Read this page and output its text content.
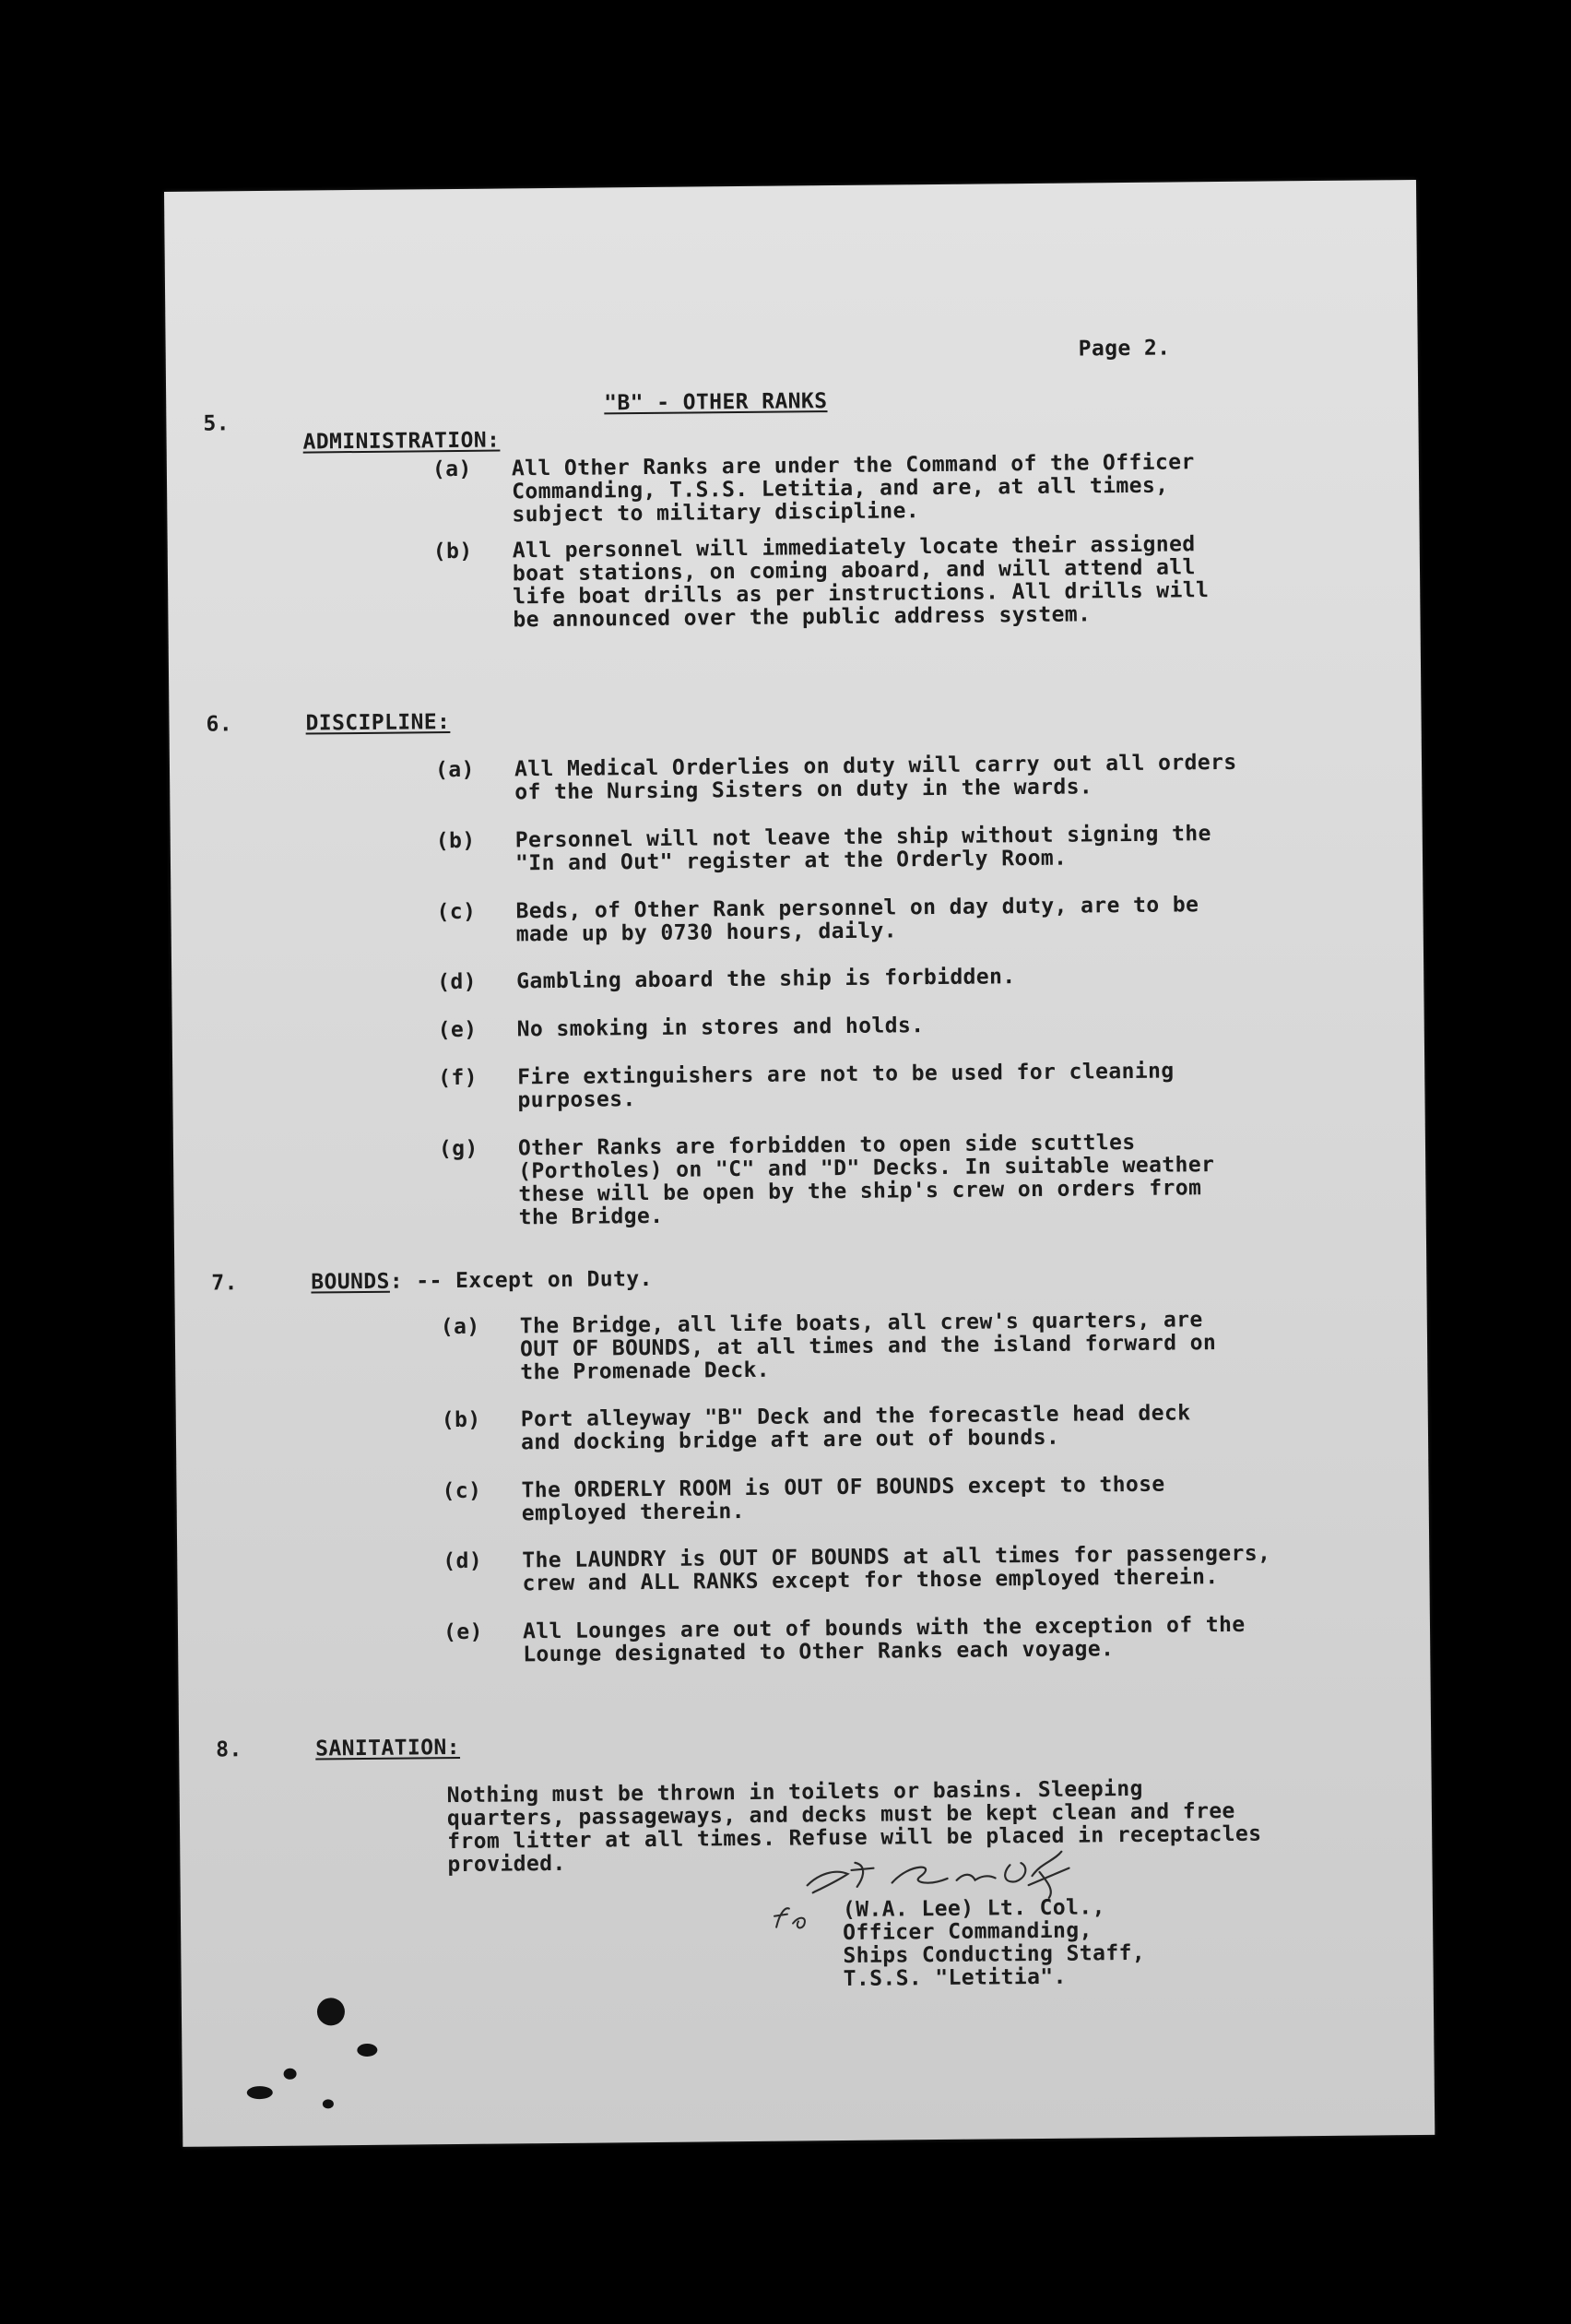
Page 2.
"B" - OTHER RANKS
5.
ADMINISTRATION:
(a) All Other Ranks are under the Command of the Officer
Commanding, T.S.S. Letitia, and are, at all times,
subject to military discipline.
(b) All personnel will immediately locate their assigned
boat stations, on coming aboard, and will attend all
life boat drills as per instructions. All drills will
be announced over the public address system.
6.	DISCIPLINE:
(a) All Medical Orderlies on duty will carry out all orders
of the Nursing Sisters on duty in the wards.
(b) Personnel will not leave the ship without signing the
"In and Out" register at the Orderly Room.
(c) Beds, of Other Rank personnel on day duty, are to be
made up by 0730 hours, daily.
(d) Gambling aboard the ship is forbidden.
(e) No smoking in stores and holds.
(f) Fire extinguishers are not to be used for cleaning
purposes.
(g) Other Ranks are forbidden to open side scuttles
(Portholes) on "C" and "D" Decks. In suitable weather
these will be open by the ship's crew on orders from
the Bridge.
7.	BOUNDS: -- Except on Duty.
(a) The Bridge, all life boats, all crew's quarters, are
OUT OF BOUNDS, at all times and the island forward on
the Promenade Deck.
(b) Port alleyway "B" Deck and the forecastle head deck
and docking bridge aft are out of bounds.
(c) The ORDERLY ROOM is OUT OF BOUNDS except to those
employed therein.
(d) The LAUNDRY is OUT OF BOUNDS at all times for passengers,
crew and ALL RANKS except for those employed therein.
(e) All Lounges are out of bounds with the exception of the
Lounge designated to Other Ranks each voyage.
8.	SANITATION:
Nothing must be thrown in toilets or basins. Sleeping
quarters, passageways, and decks must be kept clean and free
from litter at all times. Refuse will be placed in receptacles
provided.
(W.A. Lee) Lt. Col.,
Officer Commanding,
Ships Conducting Staff,
T.S.S. "Letitia".
